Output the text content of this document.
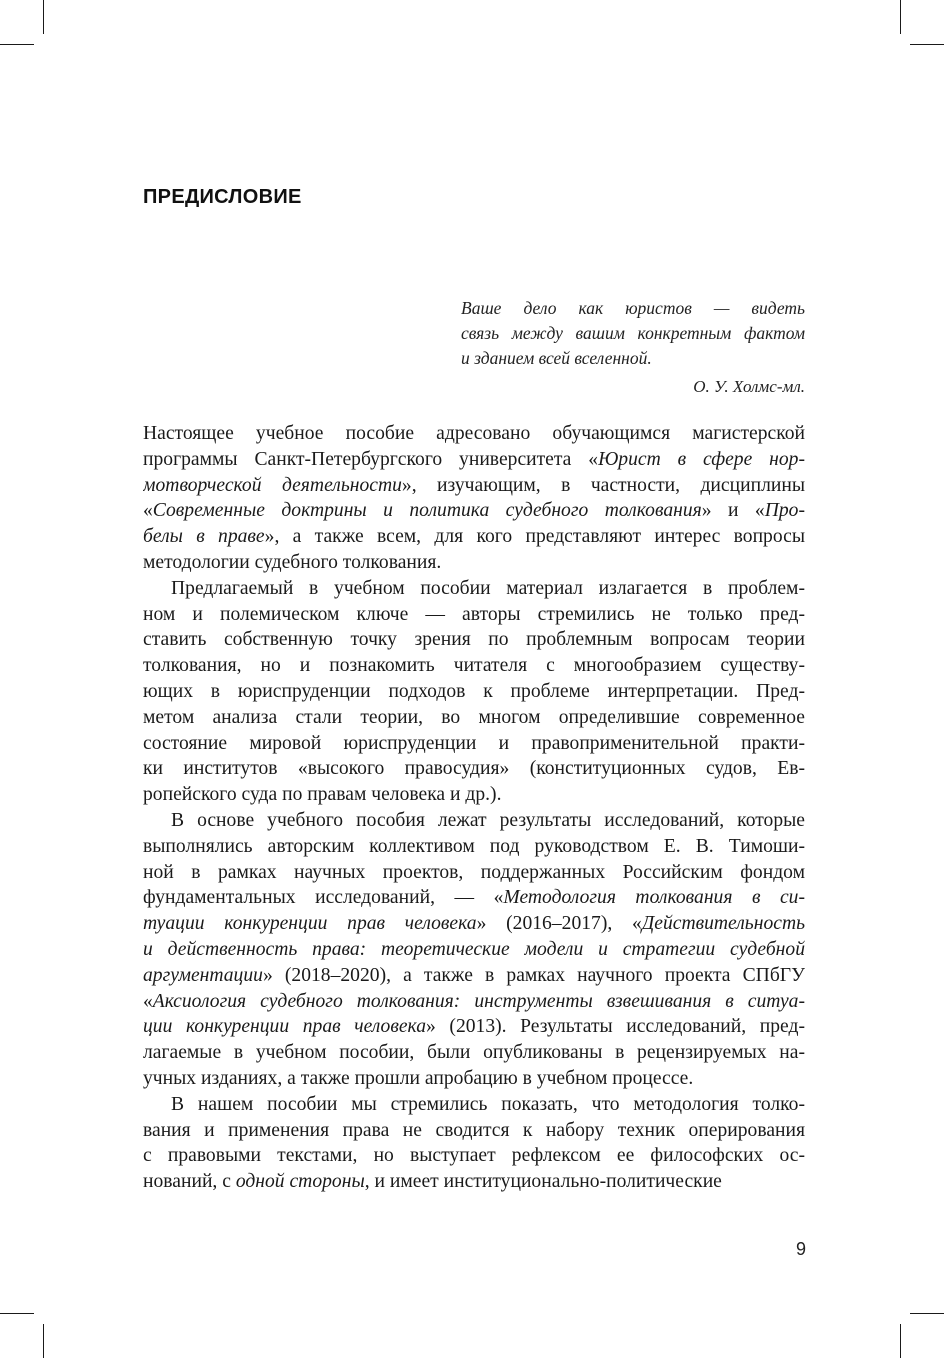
ПРЕДИСЛОВИЕ
Ваше дело как юристов — видеть
связь между вашим конкретным фактом
и зданием всей вселенной.
О. У. Холмс-мл.
Настоящее учебное пособие адресовано обучающимся магистерской
программы Санкт-Петербургского университета «Юрист в сфере нор-
мотворческой деятельности», изучающим, в частности, дисциплины
«Современные доктрины и политика судебного толкования» и «Про-
белы в праве», а также всем, для кого представляют интерес вопросы
методологии судебного толкования.
Предлагаемый в учебном пособии материал излагается в проблем-
ном и полемическом ключе — авторы стремились не только пред-
ставить собственную точку зрения по проблемным вопросам теории
толкования, но и познакомить читателя с многообразием существу-
ющих в юриспруденции подходов к проблеме интерпретации. Пред-
метом анализа стали теории, во многом определившие современное
состояние мировой юриспруденции и правоприменительной практи-
ки институтов «высокого правосудия» (конституционных судов, Ев-
ропейского суда по правам человека и др.).
В основе учебного пособия лежат результаты исследований, которые
выполнялись авторским коллективом под руководством Е. В. Тимоши-
ной в рамках научных проектов, поддержанных Российским фондом
фундаментальных исследований, — «Методология толкования в си-
туации конкуренции прав человека» (2016–2017), «Действительность
и действенность права: теоретические модели и стратегии судебной
аргументации» (2018–2020), а также в рамках научного проекта СПбГУ
«Аксиология судебного толкования: инструменты взвешивания в ситуа-
ции конкуренции прав человека» (2013). Результаты исследований, пред-
лагаемые в учебном пособии, были опубликованы в рецензируемых на-
учных изданиях, а также прошли апробацию в учебном процессе.
В нашем пособии мы стремились показать, что методология толко-
вания и применения права не сводится к набору техник оперирования
с правовыми текстами, но выступает рефлексом ее философских ос-
нований, с одной стороны, и имеет институционально-политические
9
